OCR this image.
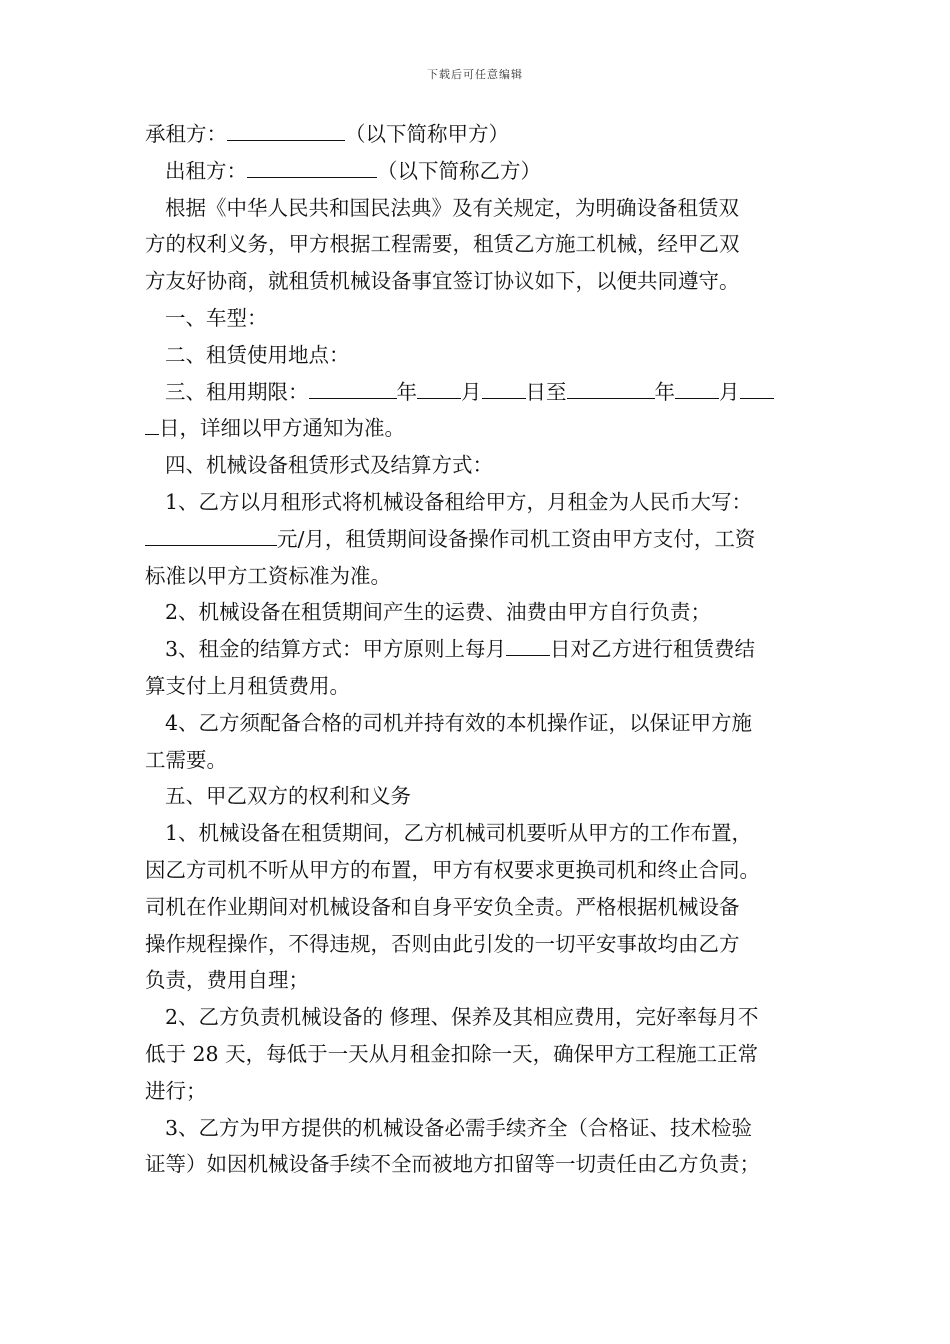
下载后可任意编辑
承租方：	（以下简称甲方）
出租方：	（以下简称乙方）
根据《中华人民共和国民法典》及有关规定，为明确设备租赁双
方的权利义务，甲方根据工程需要，租赁乙方施工机械，经甲乙双
方友好协商，就租赁机械设备事宜签订协议如下，以便共同遵守。
一、车型：
二、租赁使用地点：
三、租用期限：	年 月 日至	年 月
日，详细以甲方通知为准。
四、机械设备租赁形式及结算方式：
1、乙方以月租形式将机械设备租给甲方，月租金为人民币大写：
元/月，租赁期间设备操作司机工资由甲方支付，工资
标准以甲方工资标准为准。
2、机械设备在租赁期间产生的运费、油费由甲方自行负责；
3、租金的结算方式：甲方原则上每月 日对乙方进行租赁费结
算支付上月租赁费用。
4、乙方须配备合格的司机并持有效的本机操作证，以保证甲方施
工需要。
五、甲乙双方的权利和义务
1、机械设备在租赁期间，乙方机械司机要听从甲方的工作布置，
因乙方司机不听从甲方的布置，甲方有权要求更换司机和终止合同。
司机在作业期间对机械设备和自身平安负全责。严格根据机械设备
操作规程操作，不得违规，否则由此引发的一切平安事故均由乙方
负责，费用自理；
2、乙方负责机械设备的 修理、保养及其相应费用，完好率每月不
低于 28 天，每低于一天从月租金扣除一天，确保甲方工程施工正常
进行；
3、乙方为甲方提供的机械设备必需手续齐全（合格证、技术检验
证等）如因机械设备手续不全而被地方扣留等一切责任由乙方负责；
